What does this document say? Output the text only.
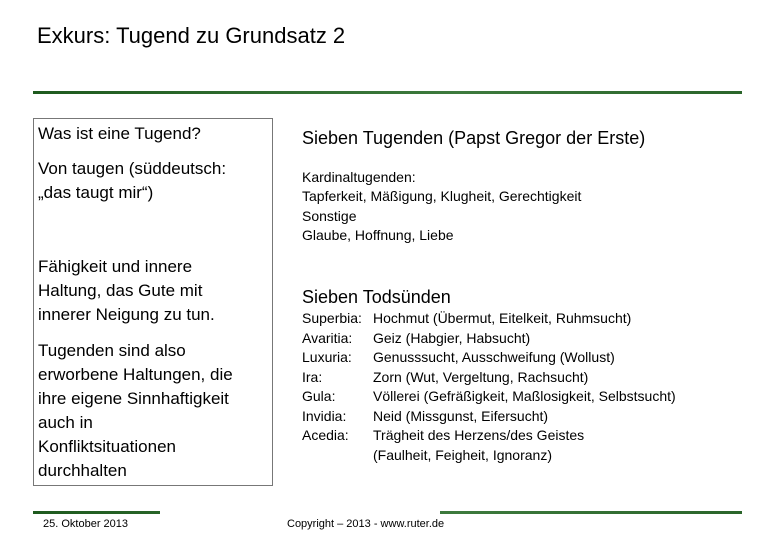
Exkurs: Tugend zu Grundsatz 2
Was ist eine Tugend?
Von taugen (süddeutsch:
„das taugt mir“)
Fähigkeit und innere
Haltung, das Gute mit
innerer Neigung zu tun.
Tugenden sind also
erworbene Haltungen, die
ihre eigene Sinnhaftigkeit
auch in
Konfliktsituationen
durchhalten
Sieben Tugenden (Papst Gregor der Erste)
Kardinaltugenden:
Tapferkeit, Mäßigung, Klugheit, Gerechtigkeit
Sonstige
Glaube, Hoffnung, Liebe
Sieben Todsünden
Superbia: Hochmut (Übermut, Eitelkeit, Ruhmsucht)
Avaritia:	Geiz (Habgier, Habsucht)
Luxuria:	Genusssucht, Ausschweifung (Wollust)
Ira:	Zorn (Wut, Vergeltung, Rachsucht)
Gula:	Völlerei (Gefräßigkeit, Maßlosigkeit, Selbstsucht)
Invidia:	Neid (Missgunst, Eifersucht)
Acedia:	Trägheit des Herzens/des Geistes
(Faulheit, Feigheit, Ignoranz)
25. Oktober 2013	Copyright – 2013 - www.ruter.de
